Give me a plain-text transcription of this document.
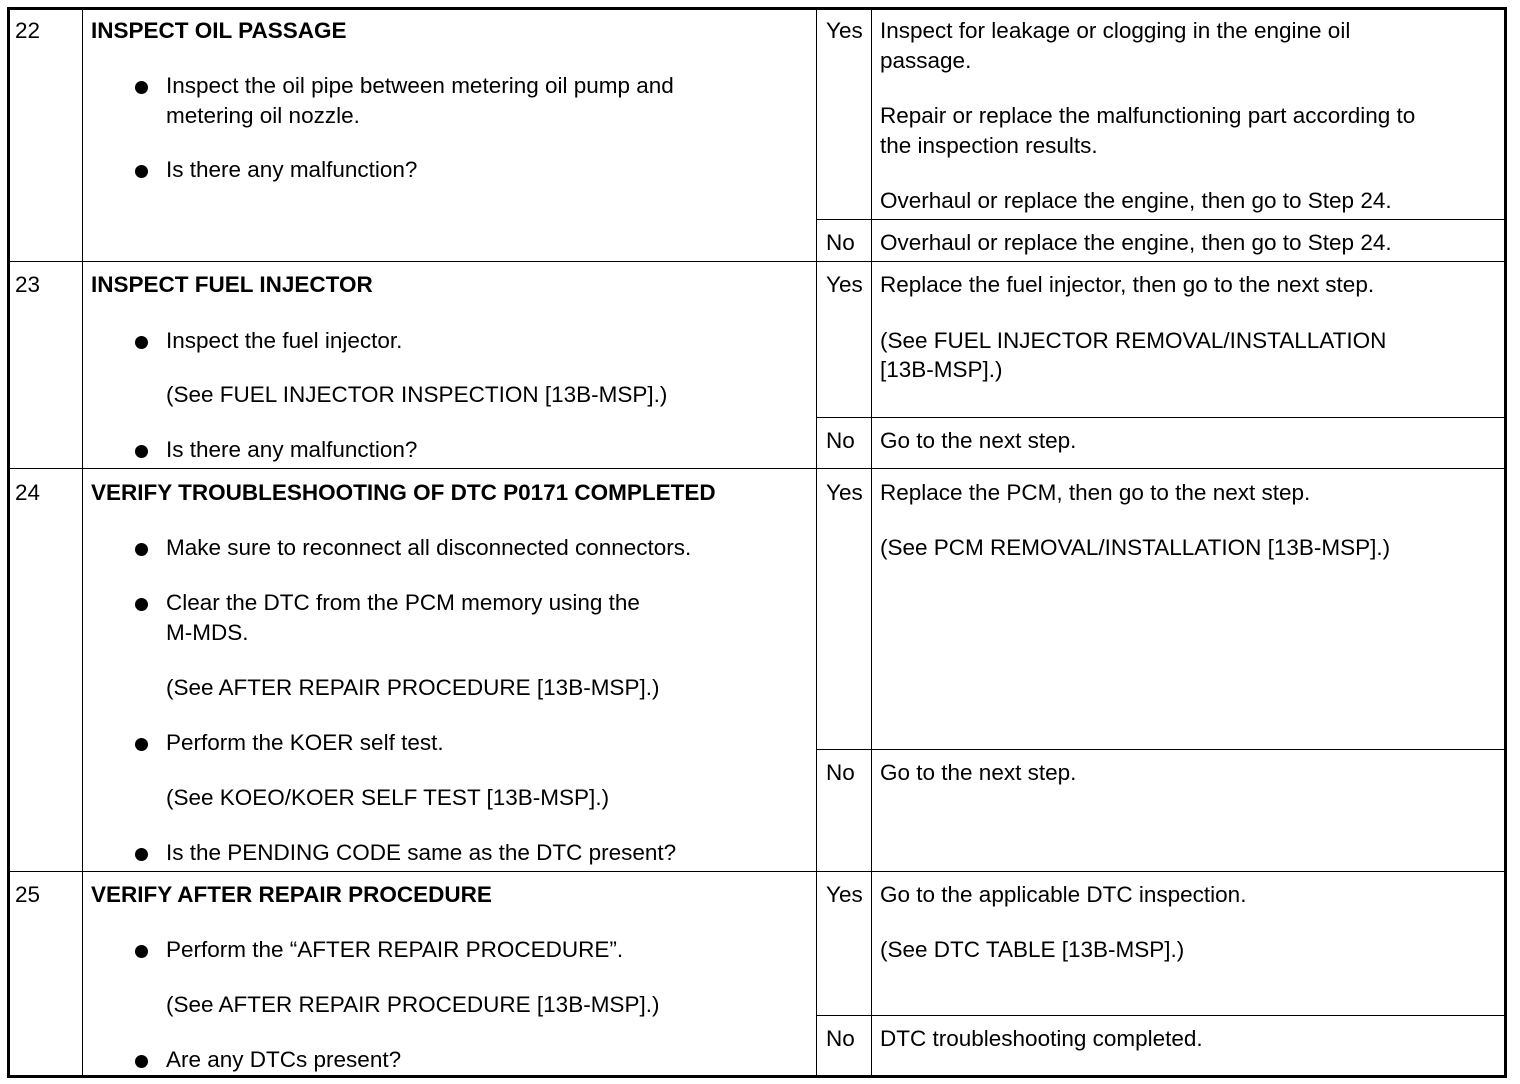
22 INSPECT OIL PASSAGE
Inspect the oil pipe between metering oil pump and
metering oil nozzle.
Is there any malfunction?
Yes Inspect for leakage or clogging in the engine oil
passage.
Repair or replace the malfunctioning part according to
the inspection results.
Overhaul or replace the engine, then go to Step 24.
No Overhaul or replace the engine, then go to Step 24.
23 INSPECT FUEL INJECTOR
Inspect the fuel injector.
(See FUEL INJECTOR INSPECTION [13B-MSP].)
Is there any malfunction?
Yes Replace the fuel injector, then go to the next step.
(See FUEL INJECTOR REMOVAL/INSTALLATION
[13B-MSP].)
No Go to the next step.
24 VERIFY TROUBLESHOOTING OF DTC P0171 COMPLETED
Make sure to reconnect all disconnected connectors.
Clear the DTC from the PCM memory using the
M-MDS.
(See AFTER REPAIR PROCEDURE [13B-MSP].)
Perform the KOER self test.
(See KOEO/KOER SELF TEST [13B-MSP].)
Is the PENDING CODE same as the DTC present?
Yes Replace the PCM, then go to the next step.
(See PCM REMOVAL/INSTALLATION [13B-MSP].)
No Go to the next step.
25 VERIFY AFTER REPAIR PROCEDURE
Perform the “AFTER REPAIR PROCEDURE”.
(See AFTER REPAIR PROCEDURE [13B-MSP].)
Are any DTCs present?
Yes Go to the applicable DTC inspection.
(See DTC TABLE [13B-MSP].)
No DTC troubleshooting completed.
